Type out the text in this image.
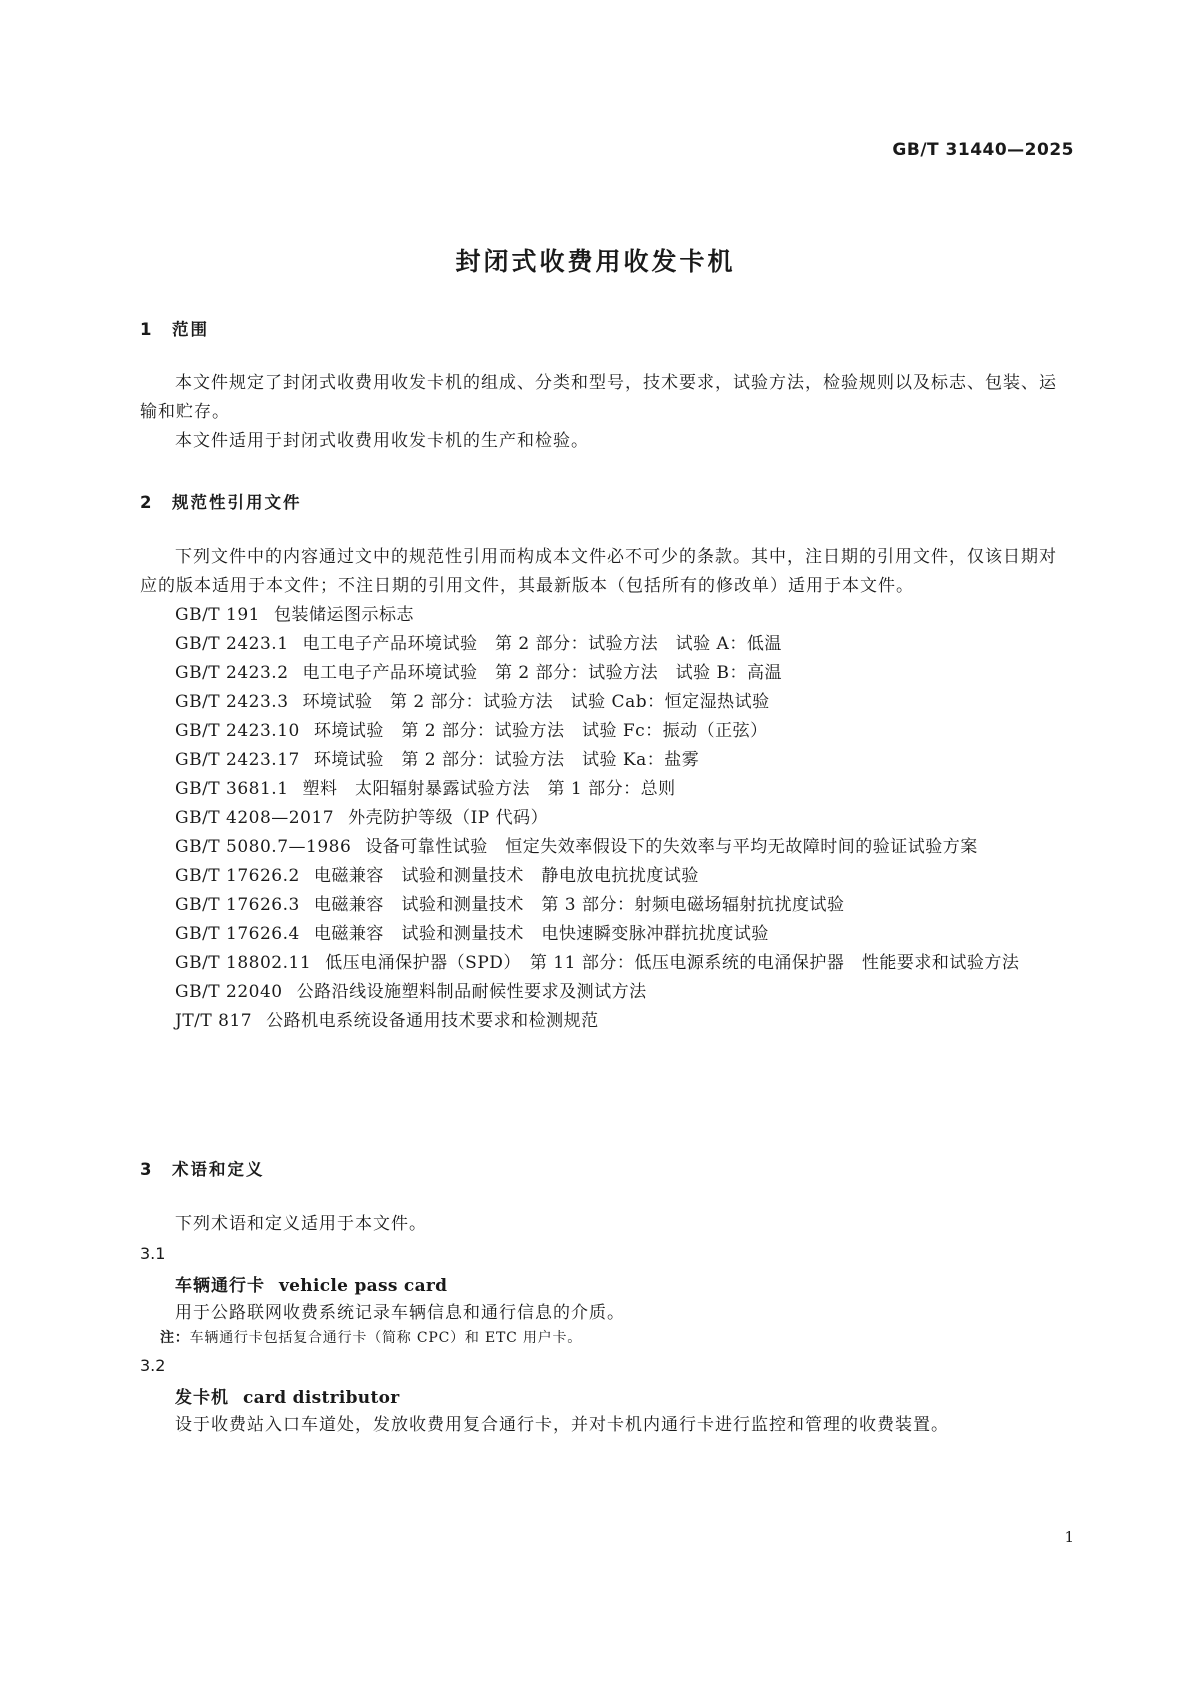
GB/T 31440—2025
封闭式收费用收发卡机
1 范围

本文件规定了封闭式收费用收发卡机的组成、分类和型号，技术要求，试验方法，检验规则以及标志、包装、运输和贮存。

本文件适用于封闭式收费用收发卡机的生产和检验。

2 规范性引用文件

下列文件中的内容通过文中的规范性引用而构成本文件必不可少的条款。其中，注日期的引用文件，仅该日期对应的版本适用于本文件；不注日期的引用文件，其最新版本（包括所有的修改单）适用于本文件。

GB/T 191 包装储运图示标志

GB/T 2423.1 电工电子产品环境试验　第 2 部分：试验方法　试验 A：低温

GB/T 2423.2 电工电子产品环境试验　第 2 部分：试验方法　试验 B：高温

GB/T 2423.3 环境试验　第 2 部分：试验方法　试验 Cab：恒定湿热试验

GB/T 2423.10 环境试验　第 2 部分：试验方法　试验 Fc：振动（正弦）

GB/T 2423.17 环境试验　第 2 部分：试验方法　试验 Ka：盐雾

GB/T 3681.1 塑料　太阳辐射暴露试验方法　第 1 部分：总则

GB/T 4208—2017 外壳防护等级（IP 代码）

GB/T 5080.7—1986 设备可靠性试验　恒定失效率假设下的失效率与平均无故障时间的验证试验方案

GB/T 17626.2 电磁兼容　试验和测量技术　静电放电抗扰度试验

GB/T 17626.3 电磁兼容　试验和测量技术　第 3 部分：射频电磁场辐射抗扰度试验

GB/T 17626.4 电磁兼容　试验和测量技术　电快速瞬变脉冲群抗扰度试验

GB/T 18802.11 低压电涌保护器（SPD）　第 11 部分：低压电源系统的电涌保护器　性能要求和试验方法

GB/T 22040 公路沿线设施塑料制品耐候性要求及测试方法

JT/T 817 公路机电系统设备通用技术要求和检测规范

3 术语和定义

下列术语和定义适用于本文件。

3.1
车辆通行卡 vehicle pass card
用于公路联网收费系统记录车辆信息和通行信息的介质。
注：车辆通行卡包括复合通行卡（简称 CPC）和 ETC 用户卡。
3.2
发卡机 card distributor
设于收费站入口车道处，发放收费用复合通行卡，并对卡机内通行卡进行监控和管理的收费装置。
1
